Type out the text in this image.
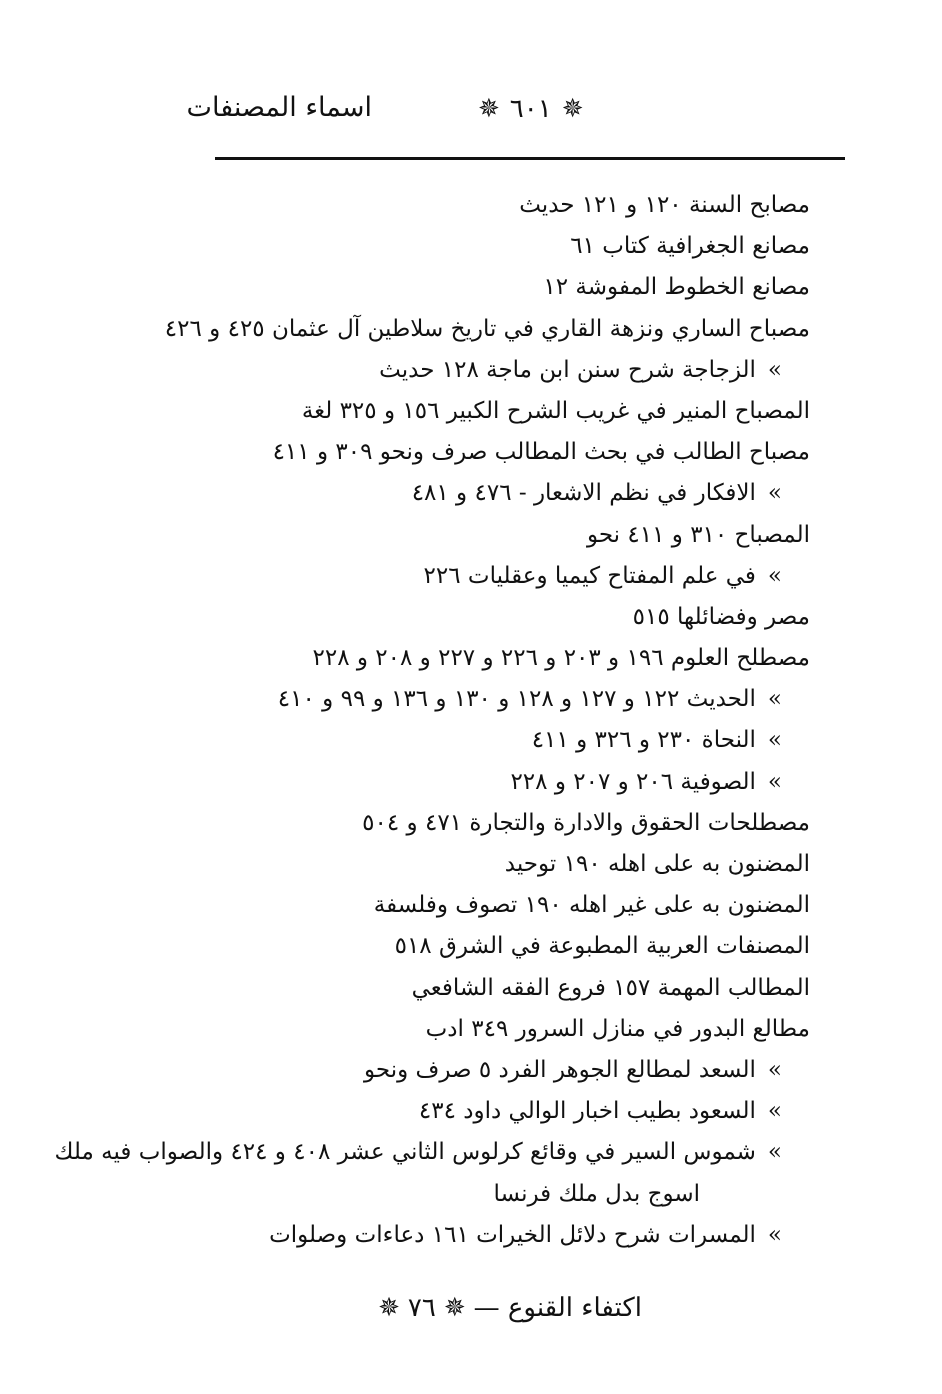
اسماء المصنفات	✵ ٦٠١ ✵
مصابح السنة ١٢٠ و ١٢١ حديث
مصانع الجغرافية كتاب ٦١
مصانع الخطوط المفوشة ١٢
مصباح الساري ونزهة القاري في تاريخ سلاطين آل عثمان ٤٢٥ و ٤٢٦
»الزجاجة شرح سنن ابن ماجة ١٢٨ حديث
المصباح المنير في غريب الشرح الكبير ١٥٦ و ٣٢٥ لغة
مصباح الطالب في بحث المطالب صرف ونحو ٣٠٩ و ٤١١
»الافكار في نظم الاشعار - ٤٧٦ و ٤٨١
المصباح ٣١٠ و ٤١١ نحو
»في علم المفتاح كيميا وعقليات ٢٢٦
مصر وفضائلها ٥١٥
مصطلح العلوم ١٩٦ و ٢٠٣ و ٢٢٦ و ٢٢٧ و ٢٠٨ و ٢٢٨
»الحديث ١٢٢ و ١٢٧ و ١٢٨ و ١٣٠ و ١٣٦ و ٩٩ و ٤١٠
»النحاة ٢٣٠ و ٣٢٦ و ٤١١
»الصوفية ٢٠٦ و ٢٠٧ و ٢٢٨
مصطلحات الحقوق والادارة والتجارة ٤٧١ و ٥٠٤
المضنون به على اهله ١٩٠ توحيد
المضنون به على غير اهله ١٩٠ تصوف وفلسفة
المصنفات العربية المطبوعة في الشرق ٥١٨
المطالب المهمة ١٥٧ فروع الفقه الشافعي
مطالع البدور في منازل السرور ٣٤٩ ادب
»السعد لمطالع الجوهر الفرد ٥ صرف ونحو
»السعود بطيب اخبار الوالي داود ٤٣٤
»شموس السير في وقائع كرلوس الثاني عشر ٤٠٨ و ٤٢٤ والصواب فيه ملك
اسوج بدل ملك فرنسا
»المسرات شرح دلائل الخيرات ١٦١ دعاءات وصلوات
اكتفاء القنوع —
✵
٧٦
✵
